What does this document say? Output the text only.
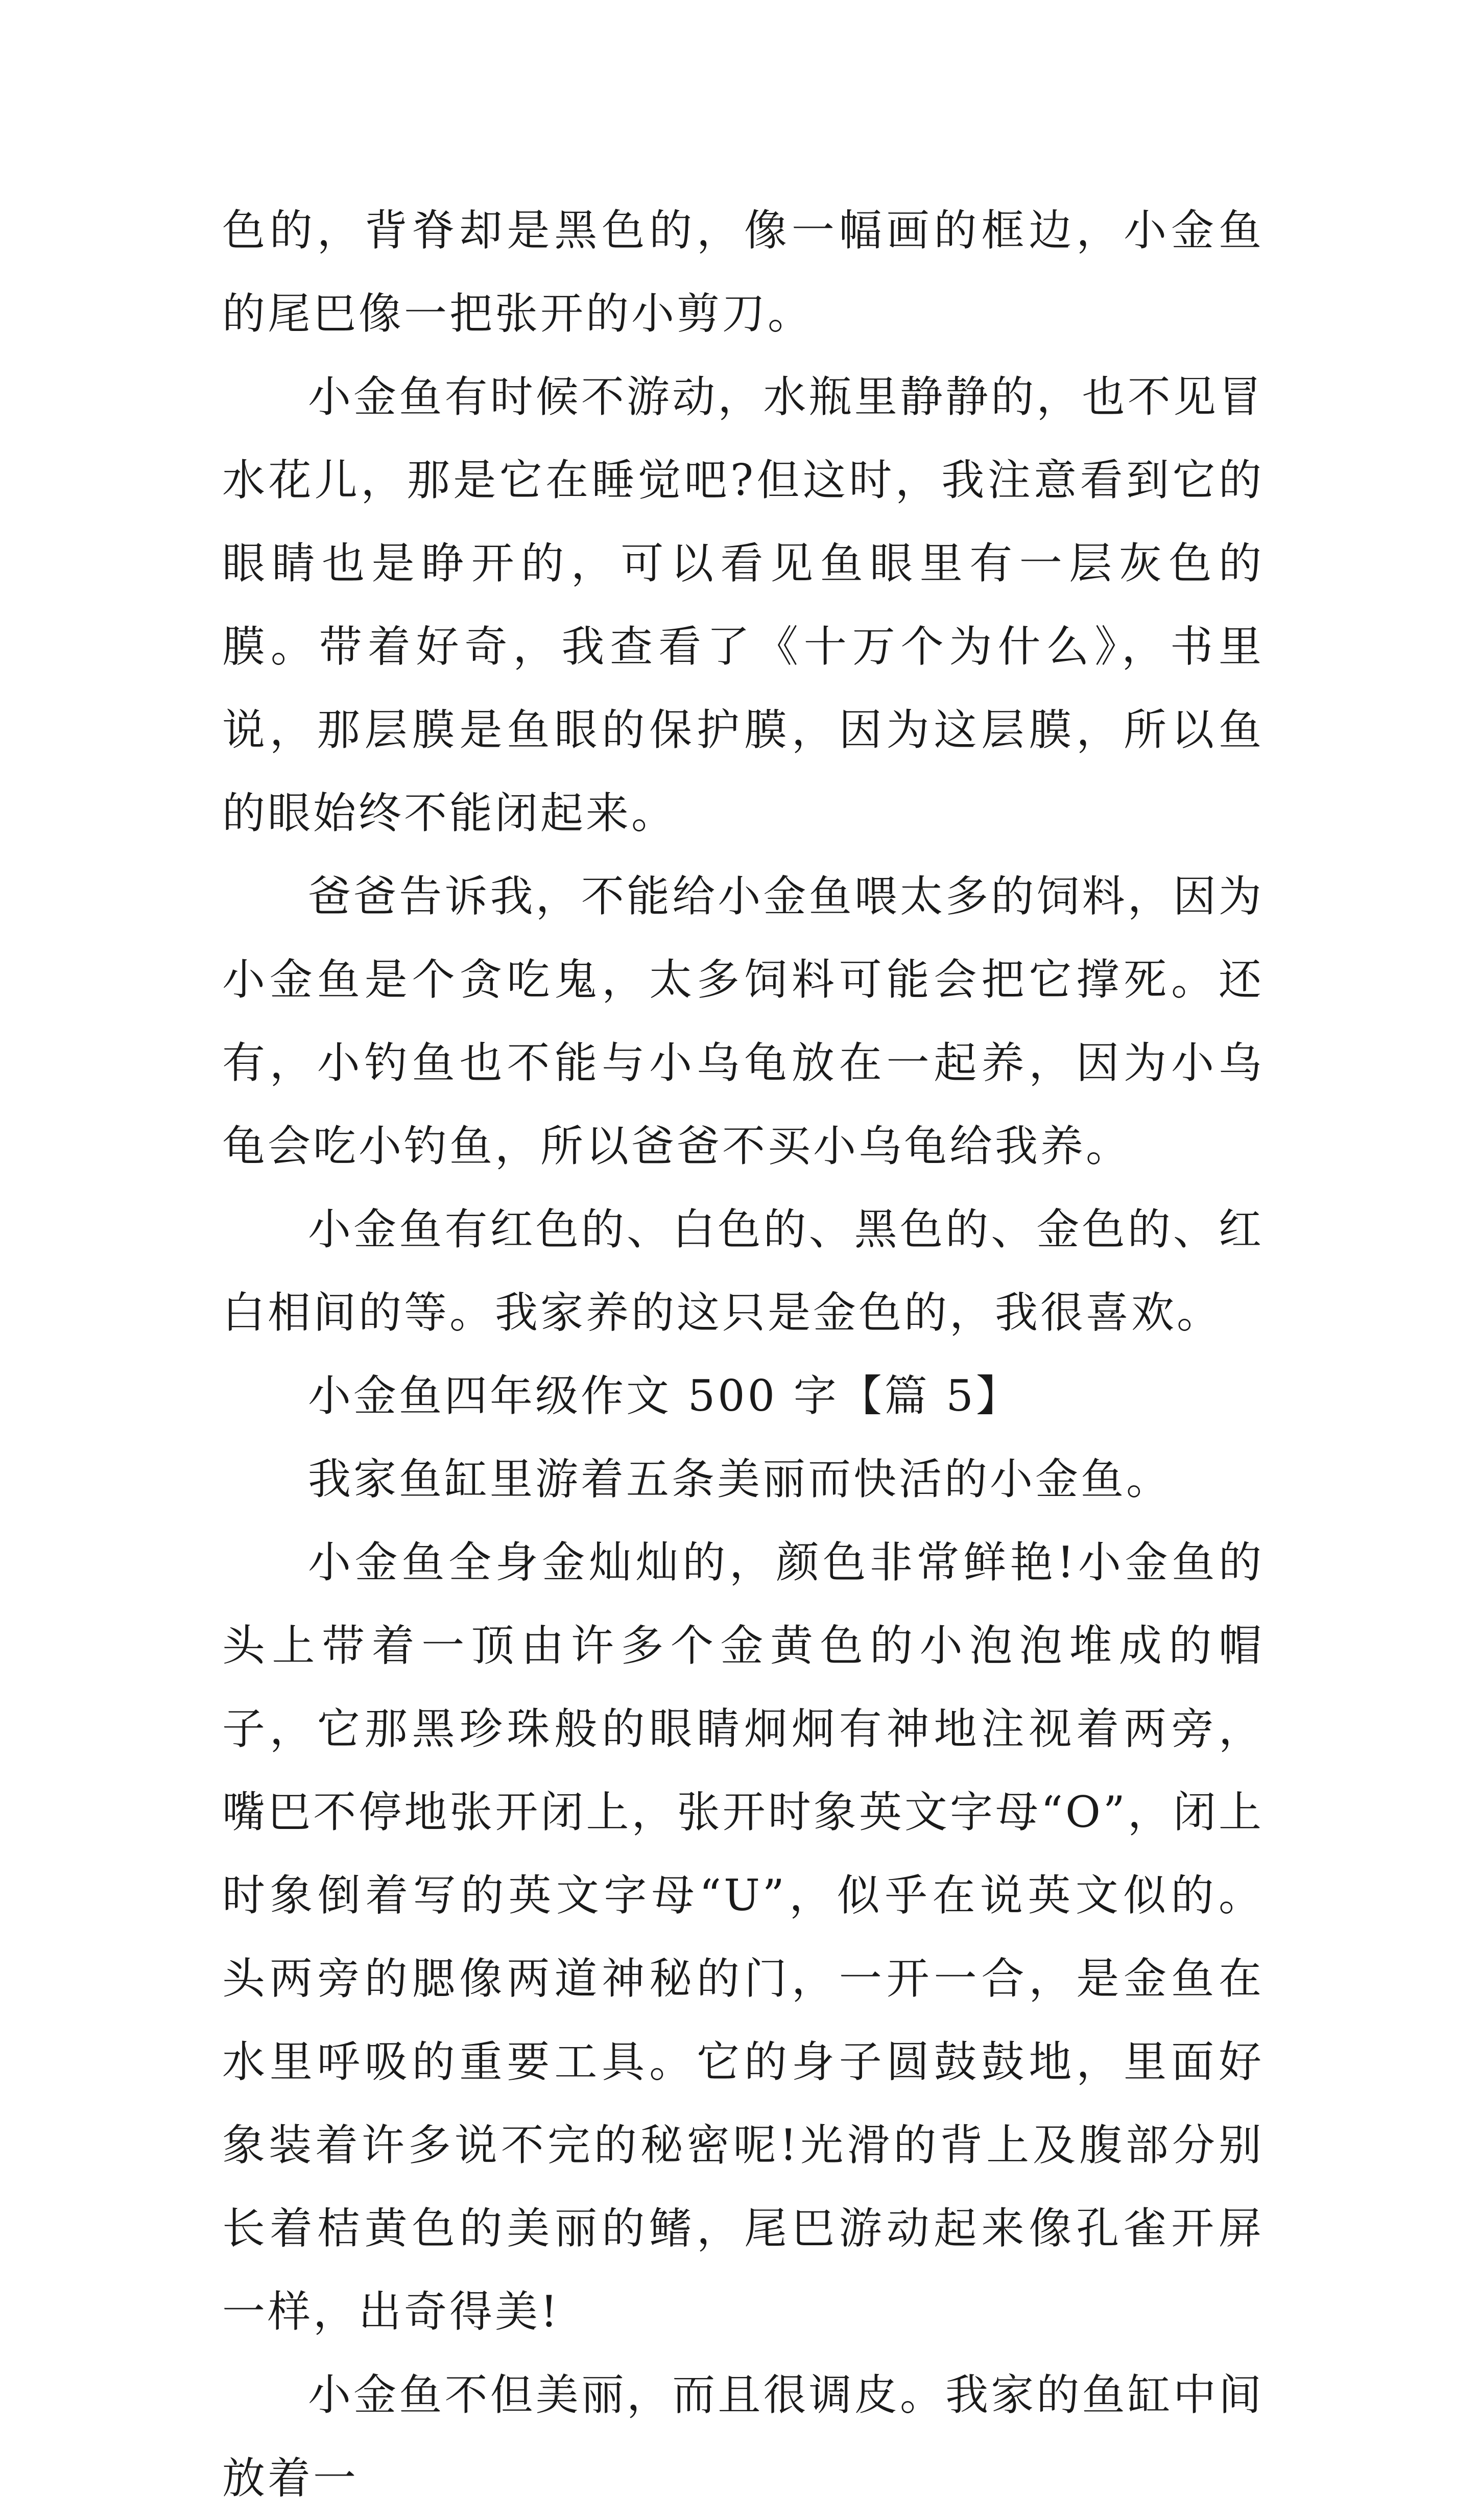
色的，背脊却是黑色的，像一幅画的框边，小金鱼的尾巴像一把张开的小剪刀。

小金鱼有时候不游动，水瓶里静静的，也不见冒水花儿，那是它在睡觉吧?但这时，我注意看到它的眼睛也是睁开的，可以看见鱼眼里有一层灰色的膜。带着好奇，我查看了《十万个为什么》，书里说，那层膜是鱼眼的保护膜，因为这层膜，所以鱼的眼始终不能闭起来。

爸爸告诉我，不能给小金鱼喂太多的饲料，因为小金鱼是个贪吃鬼，太多饲料可能会把它撑死。还有，小钓鱼也不能与小乌龟放在一起养，因为小乌龟会吃小钓鱼，所以爸爸不买小乌龟给我养。

小金鱼有红色的、白色的、黑色的、金色的、红白相间的等。我家养的这只是金色的，我很喜欢。

小金鱼四年级作文 500 字【篇 5】

我家鱼缸里游着五条美丽而快活的小金鱼。

小金鱼全身金灿灿的，颜色非常鲜艳!小金鱼的头上带着一顶由许多个金黄色的小泡泡堆成的帽子，它那黑珍珠般的眼睛炯炯有神地注视着两旁，嘴巴不停地张开闭上，张开时象英文字母“O”，闭上时象倒着写的英文字母“U”，似乎在说英文似的。头两旁的腮像两道神秘的门，一开一合，是金鱼在水里呼吸的重要工具。它的身子圆鼓鼓地，里面好象装着许多说不完的秘密呢!光滑的背上及腹部分别长着桔黄色的美丽的鳍，尾巴游动起来像孔雀开屏一样，出奇得美!

小金鱼不但美丽，而且很调皮。我家的鱼缸中间放着一
